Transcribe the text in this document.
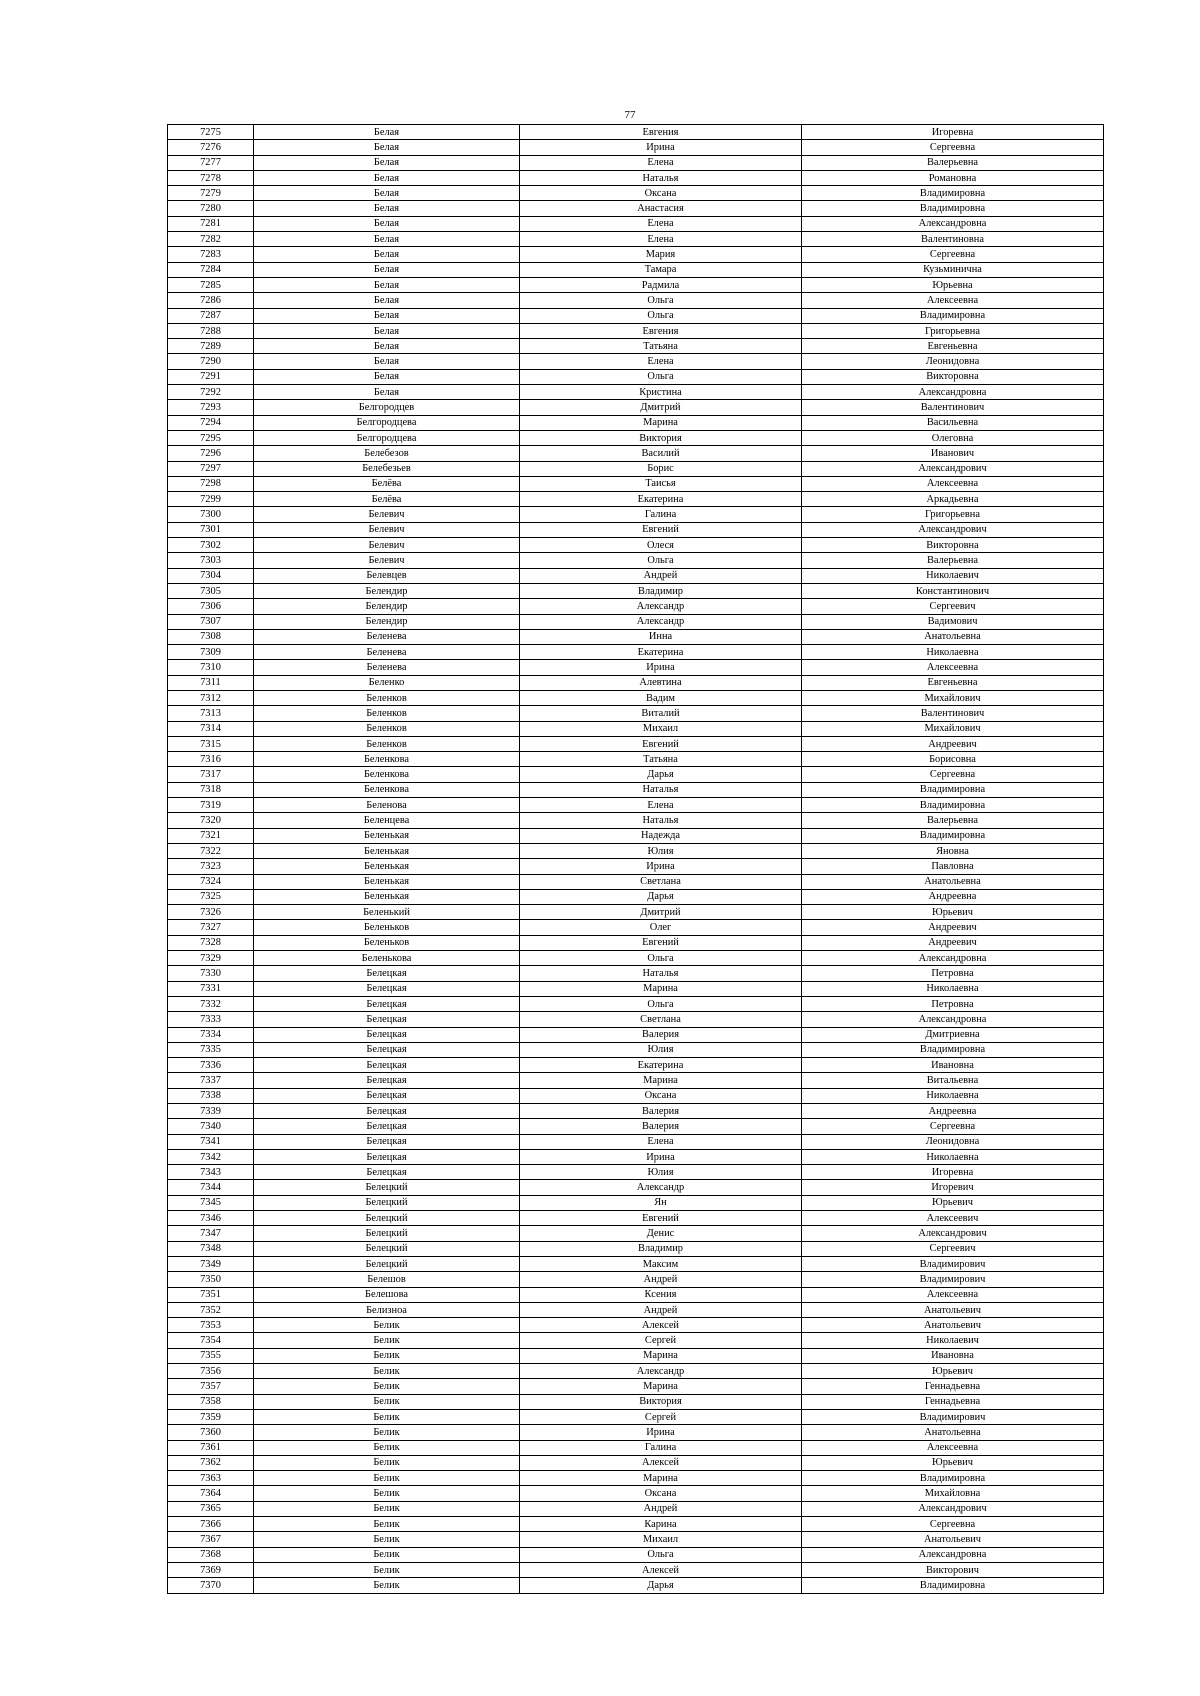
77
7275	Белая	Евгения	Игоревна
7276	Белая	Ирина	Сергеевна
7277	Белая	Елена	Валерьевна
7278	Белая	Наталья	Романовна
7279	Белая	Оксана	Владимировна
7280	Белая	Анастасия	Владимировна
7281	Белая	Елена	Александровна
7282	Белая	Елена	Валентиновна
7283	Белая	Мария	Сергеевна
7284	Белая	Тамара	Кузьминична
7285	Белая	Радмила	Юрьевна
7286	Белая	Ольга	Алексеевна
7287	Белая	Ольга	Владимировна
7288	Белая	Евгения	Григорьевна
7289	Белая	Татьяна	Евгеньевна
7290	Белая	Елена	Леонидовна
7291	Белая	Ольга	Викторовна
7292	Белая	Кристина	Александровна
7293	Белгородцев	Дмитрий	Валентинович
7294	Белгородцева	Марина	Васильевна
7295	Белгородцева	Виктория	Олеговна
7296	Белебезов	Василий	Иванович
7297	Белебезьев	Борис	Александрович
7298	Белёва	Таисья	Алексеевна
7299	Белёва	Екатерина	Аркадьевна
7300	Белевич	Галина	Григорьевна
7301	Белевич	Евгений	Александрович
7302	Белевич	Олеся	Викторовна
7303	Белевич	Ольга	Валерьевна
7304	Белевцев	Андрей	Николаевич
7305	Белендир	Владимир	Константинович
7306	Белендир	Александр	Сергеевич
7307	Белендир	Александр	Вадимович
7308	Беленева	Инна	Анатольевна
7309	Беленева	Екатерина	Николаевна
7310	Беленева	Ирина	Алексеевна
7311	Беленко	Алевтина	Евгеньевна
7312	Беленков	Вадим	Михайлович
7313	Беленков	Виталий	Валентинович
7314	Беленков	Михаил	Михайлович
7315	Беленков	Евгений	Андреевич
7316	Беленкова	Татьяна	Борисовна
7317	Беленкова	Дарья	Сергеевна
7318	Беленкова	Наталья	Владимировна
7319	Беленова	Елена	Владимировна
7320	Беленцева	Наталья	Валерьевна
7321	Беленькая	Надежда	Владимировна
7322	Беленькая	Юлия	Яновна
7323	Беленькая	Ирина	Павловна
7324	Беленькая	Светлана	Анатольевна
7325	Беленькая	Дарья	Андреевна
7326	Беленький	Дмитрий	Юрьевич
7327	Беленьков	Олег	Андреевич
7328	Беленьков	Евгений	Андреевич
7329	Беленькова	Ольга	Александровна
7330	Белецкая	Наталья	Петровна
7331	Белецкая	Марина	Николаевна
7332	Белецкая	Ольга	Петровна
7333	Белецкая	Светлана	Александровна
7334	Белецкая	Валерия	Дмитриевна
7335	Белецкая	Юлия	Владимировна
7336	Белецкая	Екатерина	Ивановна
7337	Белецкая	Марина	Витальевна
7338	Белецкая	Оксана	Николаевна
7339	Белецкая	Валерия	Андреевна
7340	Белецкая	Валерия	Сергеевна
7341	Белецкая	Елена	Леонидовна
7342	Белецкая	Ирина	Николаевна
7343	Белецкая	Юлия	Игоревна
7344	Белецкий	Александр	Игоревич
7345	Белецкий	Ян	Юрьевич
7346	Белецкий	Евгений	Алексеевич
7347	Белецкий	Денис	Александрович
7348	Белецкий	Владимир	Сергеевич
7349	Белецкий	Максим	Владимирович
7350	Белешов	Андрей	Владимирович
7351	Белешова	Ксения	Алексеевна
7352	Белизноа	Андрей	Анатольевич
7353	Белик	Алексей	Анатольевич
7354	Белик	Сергей	Николаевич
7355	Белик	Марина	Ивановна
7356	Белик	Александр	Юрьевич
7357	Белик	Марина	Геннадьевна
7358	Белик	Виктория	Геннадьевна
7359	Белик	Сергей	Владимирович
7360	Белик	Ирина	Анатольевна
7361	Белик	Галина	Алексеевна
7362	Белик	Алексей	Юрьевич
7363	Белик	Марина	Владимировна
7364	Белик	Оксана	Михайловна
7365	Белик	Андрей	Александрович
7366	Белик	Карина	Сергеевна
7367	Белик	Михаил	Анатольевич
7368	Белик	Ольга	Александровна
7369	Белик	Алексей	Викторович
7370	Белик	Дарья	Владимировна
